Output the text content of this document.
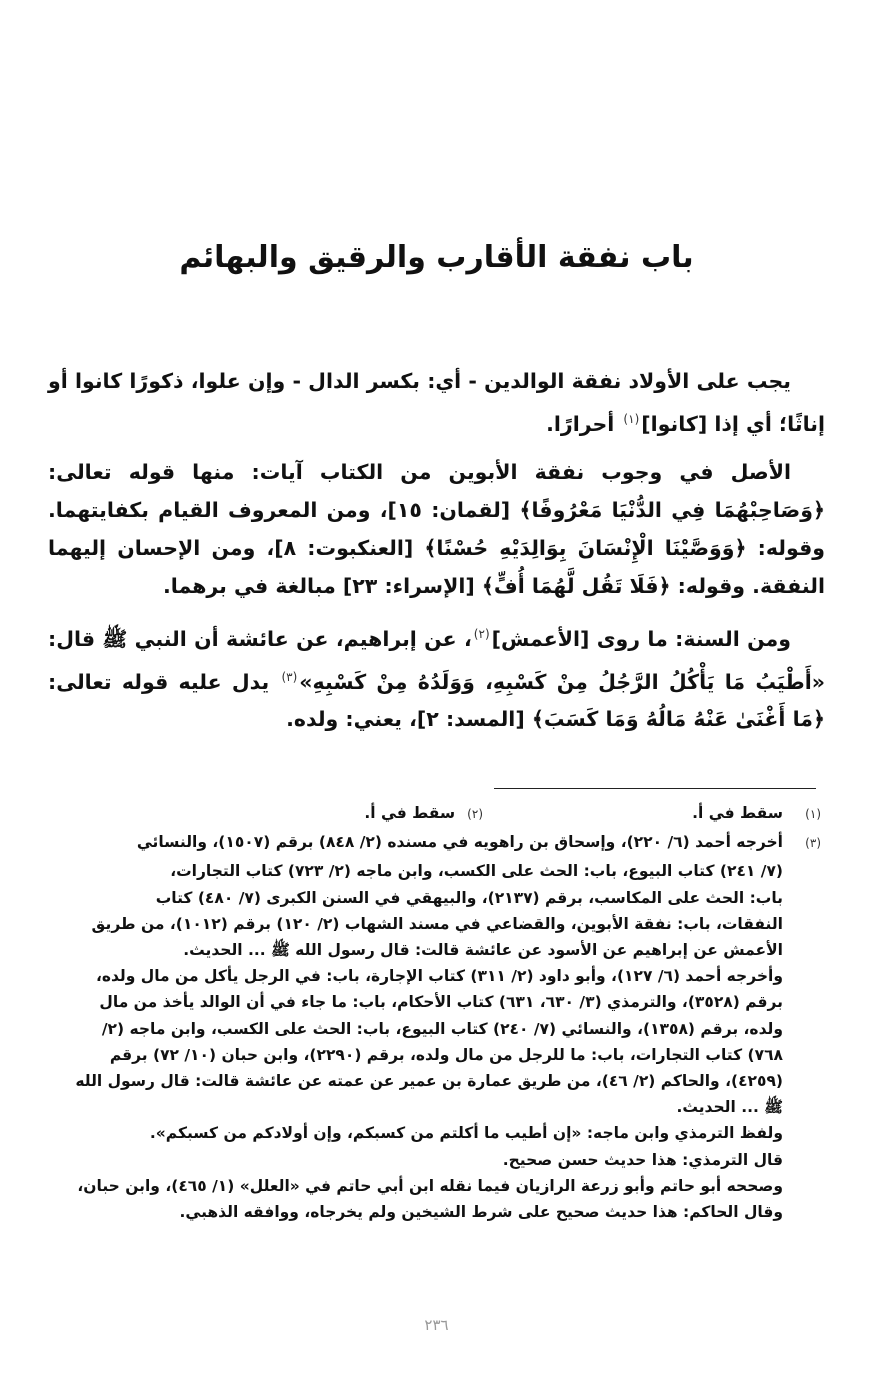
باب نفقة الأقارب والرقيق والبهائم

يجب على الأولاد نفقة الوالدين - أي: بكسر الدال - وإن علوا، ذكورًا كانوا أو إناثًا؛ أي إذا [كانوا]$^{(١)}$ أحرارًا.

الأصل في وجوب نفقة الأبوين من الكتاب آيات: منها قوله تعالى: ﴿وَصَاحِبْهُمَا فِي الدُّنْيَا مَعْرُوفًا﴾ [لقمان: ١٥]، ومن المعروف القيام بكفايتهما. وقوله: ﴿وَوَصَّيْنَا الْإِنْسَانَ بِوَالِدَيْهِ حُسْنًا﴾ [العنكبوت: ٨]، ومن الإحسان إليهما النفقة. وقوله: ﴿فَلَا تَقُل لَّهُمَا أُفٍّ﴾ [الإسراء: ٢٣] مبالغة في برهما.

ومن السنة: ما روى [الأعمش]$^{(٢)}$، عن إبراهيم، عن عائشة أن النبي ﷺ قال: «أَطْيَبُ مَا يَأْكُلُ الرَّجُلُ مِنْ كَسْبِهِ، وَوَلَدُهُ مِنْ كَسْبِهِ»$^{(٣)}$ يدل عليه قوله تعالى: ﴿مَا أَغْنَىٰ عَنْهُ مَالُهُ وَمَا كَسَبَ﴾ [المسد: ٢]، يعني: ولده.

(١)
سقط في أ.
(٢)
سقط في أ.
(٣)
أخرجه أحمد (٦/ ٢٢٠)، وإسحاق بن راهويه في مسنده (٢/ ٨٤٨) برقم (١٥٠٧)، والنسائي
(٧/ ٢٤١) كتاب البيوع، باب: الحث على الكسب، وابن ماجه (٢/ ٧٢٣) كتاب التجارات،
باب: الحث على المكاسب، برقم (٢١٣٧)، والبيهقي في السنن الكبرى (٧/ ٤٨٠) كتاب
النفقات، باب: نفقة الأبوين، والقضاعي في مسند الشهاب (٢/ ١٢٠) برقم (١٠١٢)، من طريق
الأعمش عن إبراهيم عن الأسود عن عائشة قالت: قال رسول الله ﷺ ... الحديث.
وأخرجه أحمد (٦/ ١٢٧)، وأبو داود (٢/ ٣١١) كتاب الإجارة، باب: في الرجل يأكل من مال ولده،
برقم (٣٥٢٨)، والترمذي (٣/ ٦٣٠، ٦٣١) كتاب الأحكام، باب: ما جاء في أن الوالد يأخذ من مال
ولده، برقم (١٣٥٨)، والنسائي (٧/ ٢٤٠) كتاب البيوع، باب: الحث على الكسب، وابن ماجه (٢/
٧٦٨) كتاب التجارات، باب: ما للرجل من مال ولده، برقم (٢٢٩٠)، وابن حبان (١٠/ ٧٢) برقم
(٤٢٥٩)، والحاكم (٢/ ٤٦)، من طريق عمارة بن عمير عن عمته عن عائشة قالت: قال رسول الله
ﷺ ... الحديث.
ولفظ الترمذي وابن ماجه: «إن أطيب ما أكلتم من كسبكم، وإن أولادكم من كسبكم».
قال الترمذي: هذا حديث حسن صحيح.
وصححه أبو حاتم وأبو زرعة الرازيان فيما نقله ابن أبي حاتم في «العلل» (١/ ٤٦٥)، وابن حبان،
وقال الحاكم: هذا حديث صحيح على شرط الشيخين ولم يخرجاه، ووافقه الذهبي.
٢٣٦
